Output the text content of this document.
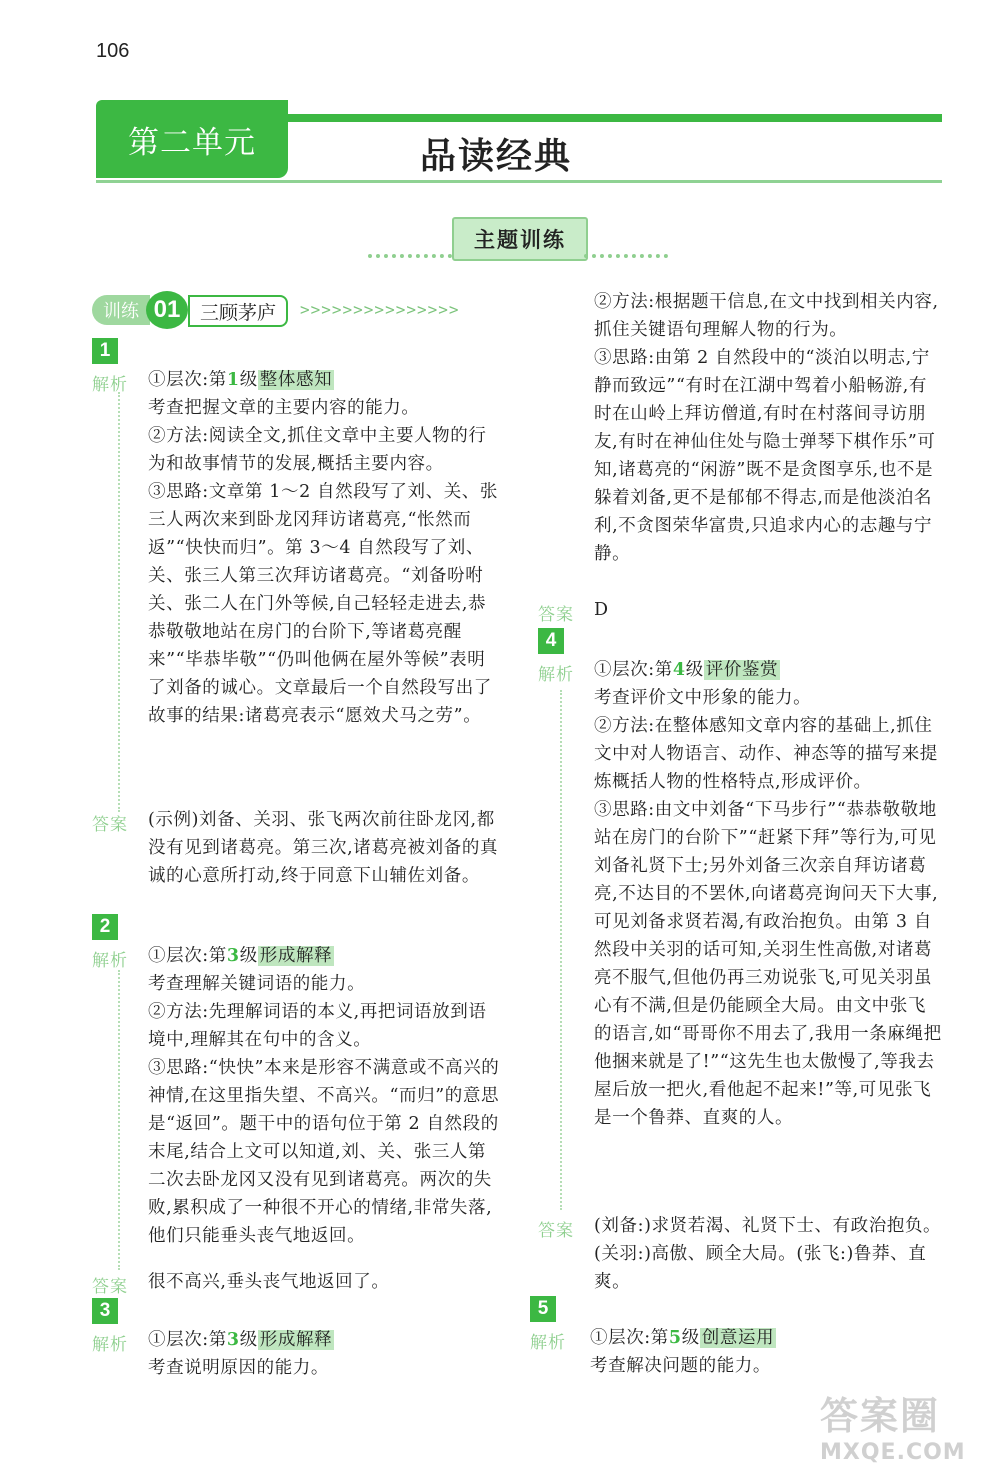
106
第二单元	品读经典
主题训练
训练 01	三顾茅庐	>>>>>>>>>>>>>>>
1
解析 ①层次:第1级 整体感知

考查把握文章的主要内容的能力。

②方法:阅读全文,抓住文章中主要人物的行为和故事情节的发展,概括主要内容。

③思路:文章第 1～2 自然段写了刘、关、张三人两次来到卧龙冈拜访诸葛亮,“怅然而返”“快快而归”。第 3～4 自然段写了刘、关、张三人第三次拜访诸葛亮。“刘备吩咐关、张二人在门外等候,自己轻轻走进去,恭恭敬敬地站在房门的台阶下,等诸葛亮醒来”“毕恭毕敬”“仍叫他俩在屋外等候”表明了刘备的诚心。文章最后一个自然段写出了故事的结果:诸葛亮表示“愿效犬马之劳”。

答案 (示例)刘备、关羽、张飞两次前往卧龙冈,都没有见到诸葛亮。第三次,诸葛亮被刘备的真诚的心意所打动,终于同意下山辅佐刘备。
2
解析 ①层次:第3级 形成解释

考查理解关键词语的能力。

②方法:先理解词语的本义,再把词语放到语境中,理解其在句中的含义。

③思路:“快快”本来是形容不满意或不高兴的神情,在这里指失望、不高兴。“而归”的意思是“返回”。题干中的语句位于第 2 自然段的末尾,结合上文可以知道,刘、关、张三人第二次去卧龙冈又没有见到诸葛亮。两次的失败,累积成了一种很不开心的情绪,非常失落,他们只能垂头丧气地返回。

答案 很不高兴,垂头丧气地返回了。
3
解析 ①层次:第3级 形成解释

考查说明原因的能力。

②方法:根据题干信息,在文中找到相关内容,抓住关键语句理解人物的行为。

③思路:由第 2 自然段中的“淡泊以明志,宁静而致远”“有时在江湖中驾着小船畅游,有时在山岭上拜访僧道,有时在村落间寻访朋友,有时在神仙住处与隐士弹琴下棋作乐”可知,诸葛亮的“闲游”既不是贪图享乐,也不是躲着刘备,更不是郁郁不得志,而是他淡泊名利,不贪图荣华富贵,只追求内心的志趣与宁静。

答案 D
4
解析 ①层次:第4级 评价鉴赏

考查评价文中形象的能力。

②方法:在整体感知文章内容的基础上,抓住文中对人物语言、动作、神态等的描写来提炼概括人物的性格特点,形成评价。

③思路:由文中刘备“下马步行”“恭恭敬敬地站在房门的台阶下”“赶紧下拜”等行为,可见刘备礼贤下士;另外刘备三次亲自拜访诸葛亮,不达目的不罢休,向诸葛亮询问天下大事,可见刘备求贤若渴,有政治抱负。由第 3 自然段中关羽的话可知,关羽生性高傲,对诸葛亮不服气,但他仍再三劝说张飞,可见关羽虽心有不满,但是仍能顾全大局。由文中张飞的语言,如“哥哥你不用去了,我用一条麻绳把他捆来就是了!”“这先生也太傲慢了,等我去屋后放一把火,看他起不起来!”等,可见张飞是一个鲁莽、直爽的人。

答案 (刘备:)求贤若渴、礼贤下士、有政治抱负。(关羽:)高傲、顾全大局。(张飞:)鲁莽、直爽。
5
解析 ①层次:第5级 创意运用

考查解决问题的能力。

答案圈
MXQE.COM
